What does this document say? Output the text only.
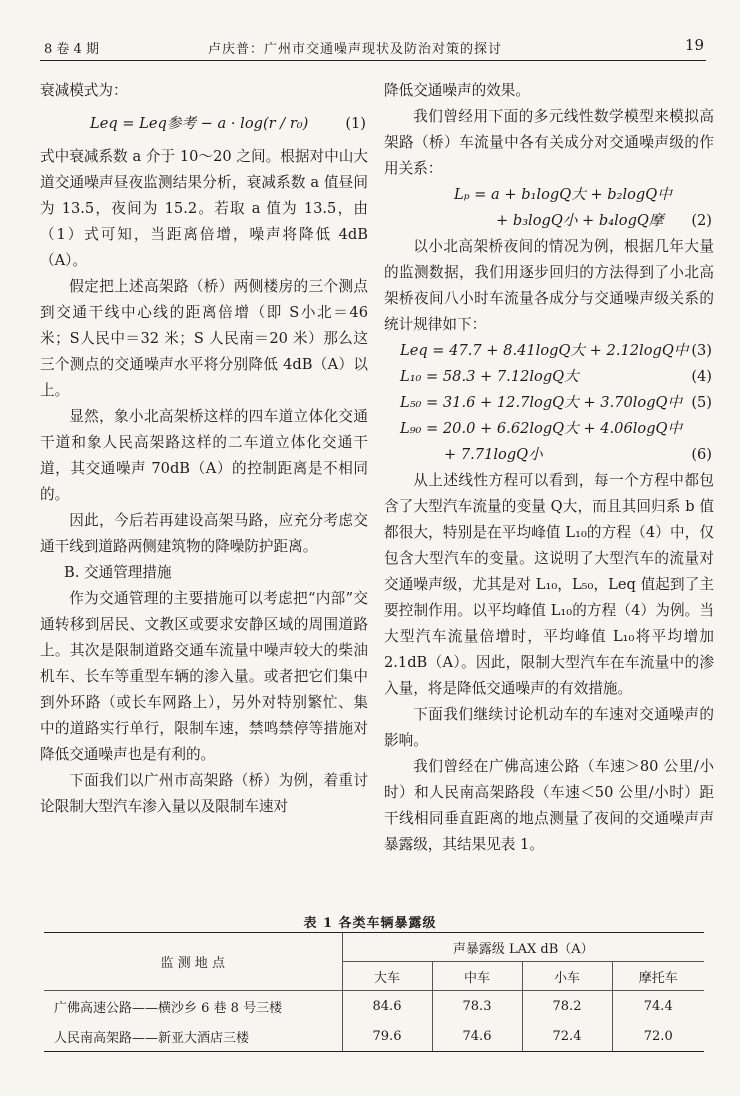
8 卷 4 期	卢庆普：广州市交通噪声现状及防治对策的探讨	19

衰减模式为：

Leq = Leq参考 − a · log(r / r₀)	(1)

式中衰减系数 a 介于 10～20 之间。根据对中山大道交通噪声昼夜监测结果分析，衰减系数 a 值昼间为 13.5，夜间为 15.2。若取 a 值为 13.5，由（1）式可知，当距离倍增，噪声将降低 4dB（A）。

假定把上述高架路（桥）两侧楼房的三个测点到交通干线中心线的距离倍增（即 S小北＝46 米；S人民中＝32 米；S 人民南＝20 米）那么这三个测点的交通噪声水平将分别降低 4dB（A）以上。

显然，象小北高架桥这样的四车道立体化交通干道和象人民高架路这样的二车道立体化交通干道，其交通噪声 70dB（A）的控制距离是不相同的。

因此，今后若再建设高架马路，应充分考虑交通干线到道路两侧建筑物的降噪防护距离。

B. 交通管理措施

作为交通管理的主要措施可以考虑把“内部”交通转移到居民、文教区或要求安静区域的周围道路上。其次是限制道路交通车流量中噪声较大的柴油机车、长车等重型车辆的渗入量。或者把它们集中到外环路（或长车网路上），另外对特别繁忙、集中的道路实行单行，限制车速，禁鸣禁停等措施对降低交通噪声也是有利的。

下面我们以广州市高架路（桥）为例，着重讨论限制大型汽车渗入量以及限制车速对

降低交通噪声的效果。

我们曾经用下面的多元线性数学模型来模拟高架路（桥）车流量中各有关成分对交通噪声级的作用关系：

Lₚ = a + b₁logQ大 + b₂logQ中
+ b₃logQ小 + b₄logQ摩 (2)

以小北高架桥夜间的情况为例，根据几年大量的监测数据，我们用逐步回归的方法得到了小北高架桥夜间八小时车流量各成分与交通噪声级关系的统计规律如下：

Leq = 47.7 + 8.41logQ大 + 2.12logQ中 (3)
L₁₀ = 58.3 + 7.12logQ大	(4)
L₅₀ = 31.6 + 12.7logQ大 + 3.70logQ中 (5)
L₉₀ = 20.0 + 6.62logQ大 + 4.06logQ中
+ 7.71logQ小	(6)

从上述线性方程可以看到，每一个方程中都包含了大型汽车流量的变量 Q大，而且其回归系 b 值都很大，特别是在平均峰值 L₁₀的方程（4）中，仅包含大型汽车的变量。这说明了大型汽车的流量对交通噪声级，尤其是对 L₁₀，L₅₀，Leq 值起到了主要控制作用。以平均峰值 L₁₀的方程（4）为例。当大型汽车流量倍增时，平均峰值 L₁₀将平均增加 2.1dB（A）。因此，限制大型汽车在车流量中的渗入量，将是降低交通噪声的有效措施。

下面我们继续讨论机动车的车速对交通噪声的影响。

我们曾经在广佛高速公路（车速＞80 公里/小时）和人民南高架路段（车速＜50 公里/小时）距干线相同垂直距离的地点测量了夜间的交通噪声声暴露级，其结果见表 1。

表 1 各类车辆暴露级
监 测 地 点	声暴露级 LAX dB（A）			
	大车	中车	小车	摩托车
广佛高速公路——横沙乡 6 巷 8 号三楼	84.6	78.3	78.2	74.4
人民南高架路——新亚大酒店三楼	79.6	74.6	72.4	72.0
